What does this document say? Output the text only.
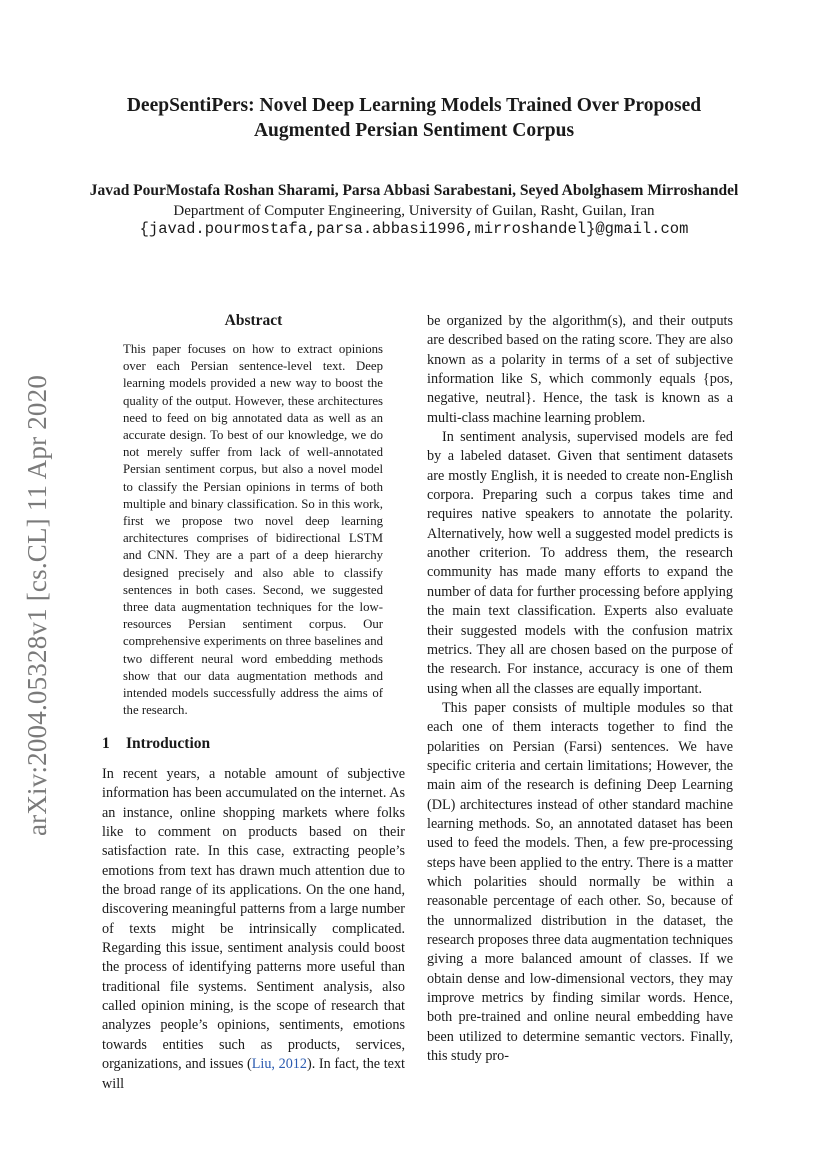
arXiv:2004.05328v1 [cs.CL] 11 Apr 2020
DeepSentiPers: Novel Deep Learning Models Trained Over Proposed
Augmented Persian Sentiment Corpus
Javad PourMostafa Roshan Sharami, Parsa Abbasi Sarabestani, Seyed Abolghasem Mirroshandel
Department of Computer Engineering, University of Guilan, Rasht, Guilan, Iran
{javad.pourmostafa,parsa.abbasi1996,mirroshandel}@gmail.com
Abstract

This paper focuses on how to extract opinions over each Persian sentence-level text. Deep learning models provided a new way to boost the quality of the output. However, these architectures need to feed on big annotated data as well as an accurate design. To best of our knowledge, we do not merely suffer from lack of well-annotated Persian sentiment corpus, but also a novel model to classify the Persian opinions in terms of both multiple and binary classification. So in this work, first we propose two novel deep learning architectures comprises of bidirectional LSTM and CNN. They are a part of a deep hierarchy designed precisely and also able to classify sentences in both cases. Second, we suggested three data augmentation techniques for the low-resources Persian sentiment corpus. Our comprehensive experiments on three baselines and two different neural word embedding methods show that our data augmentation methods and intended models successfully address the aims of the research.

1 Introduction

In recent years, a notable amount of subjective information has been accumulated on the internet. As an instance, online shopping markets where folks like to comment on products based on their satisfaction rate. In this case, extracting people’s emotions from text has drawn much attention due to the broad range of its applications. On the one hand, discovering meaningful patterns from a large number of texts might be intrinsically complicated. Regarding this issue, sentiment analysis could boost the process of identifying patterns more useful than traditional file systems. Sentiment analysis, also called opinion mining, is the scope of research that analyzes people’s opinions, sentiments, emotions towards entities such as products, services, organizations, and issues (Liu, 2012). In fact, the text will

be organized by the algorithm(s), and their outputs are described based on the rating score. They are also known as a polarity in terms of a set of subjective information like S, which commonly equals {pos, negative, neutral}. Hence, the task is known as a multi-class machine learning problem.

In sentiment analysis, supervised models are fed by a labeled dataset. Given that sentiment datasets are mostly English, it is needed to create non-English corpora. Preparing such a corpus takes time and requires native speakers to annotate the polarity. Alternatively, how well a suggested model predicts is another criterion. To address them, the research community has made many efforts to expand the number of data for further processing before applying the main text classification. Experts also evaluate their suggested models with the confusion matrix metrics. They all are chosen based on the purpose of the research. For instance, accuracy is one of them using when all the classes are equally important.

This paper consists of multiple modules so that each one of them interacts together to find the polarities on Persian (Farsi) sentences. We have specific criteria and certain limitations; However, the main aim of the research is defining Deep Learning (DL) architectures instead of other standard machine learning methods. So, an annotated dataset has been used to feed the models. Then, a few pre-processing steps have been applied to the entry. There is a matter which polarities should normally be within a reasonable percentage of each other. So, because of the unnormalized distribution in the dataset, the research proposes three data augmentation techniques giving a more balanced amount of classes. If we obtain dense and low-dimensional vectors, they may improve metrics by finding similar words. Hence, both pre-trained and online neural embedding have been utilized to determine semantic vectors. Finally, this study pro-
